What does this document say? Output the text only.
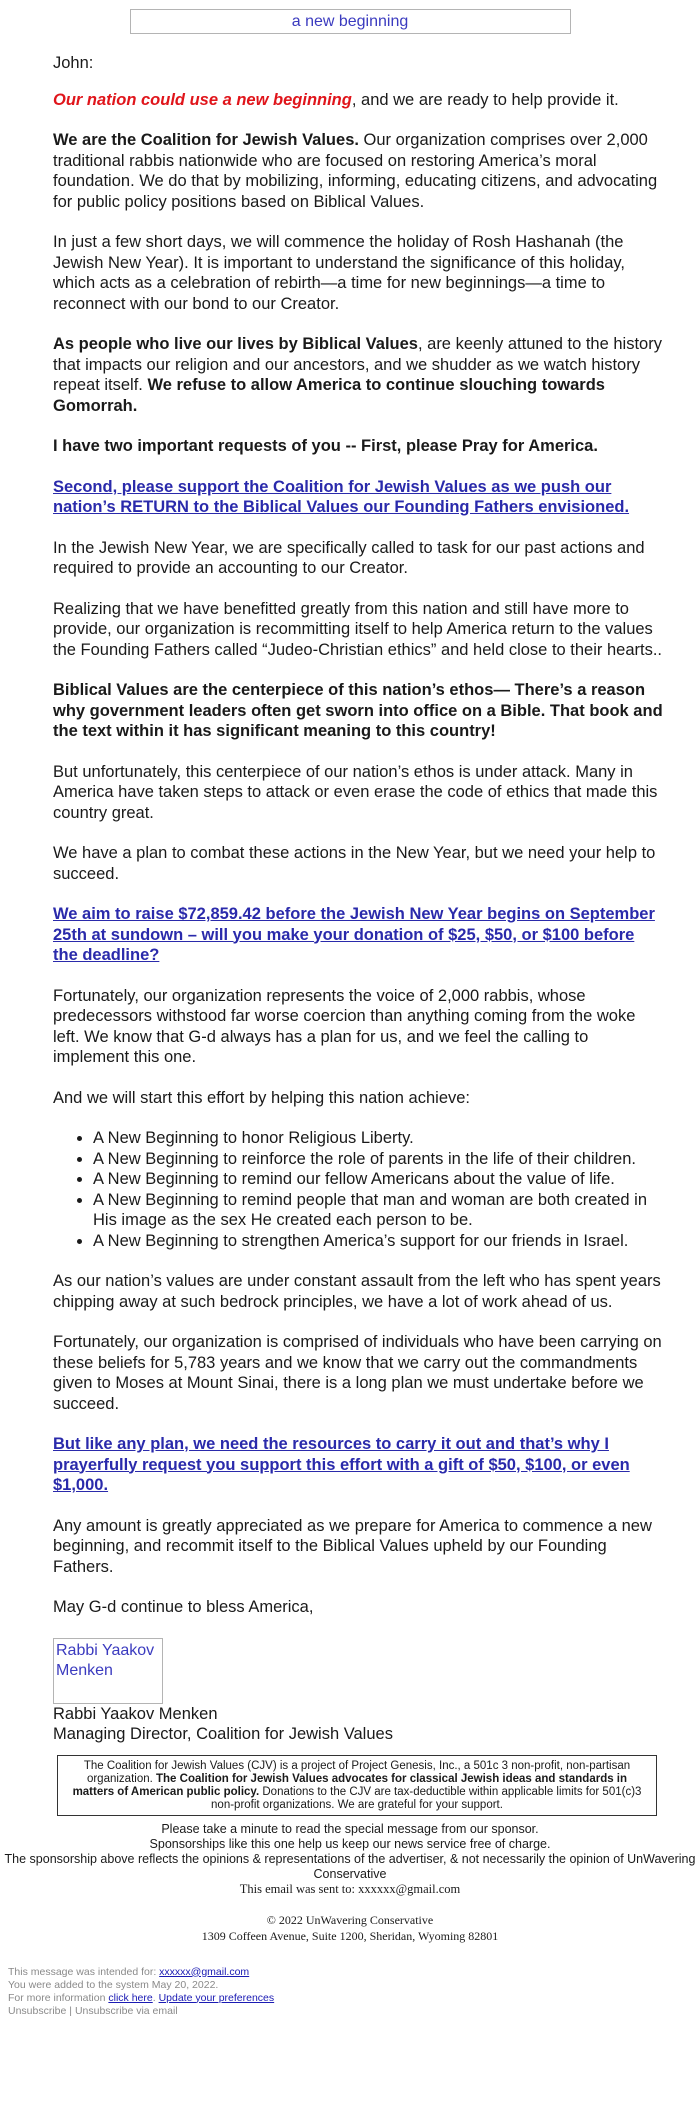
a new beginning

John:

Our nation could use a new beginning, and we are ready to help provide it.

We are the Coalition for Jewish Values. Our organization comprises over 2,000 traditional rabbis nationwide who are focused on restoring America’s moral foundation. We do that by mobilizing, informing, educating citizens, and advocating for public policy positions based on Biblical Values.

In just a few short days, we will commence the holiday of Rosh Hashanah (the Jewish New Year). It is important to understand the significance of this holiday, which acts as a celebration of rebirth—a time for new beginnings—a time to reconnect with our bond to our Creator.

As people who live our lives by Biblical Values, are keenly attuned to the history that impacts our religion and our ancestors, and we shudder as we watch history repeat itself. We refuse to allow America to continue slouching towards Gomorrah.

I have two important requests of you -- First, please Pray for America.

Second, please support the Coalition for Jewish Values as we push our nation’s RETURN to the Biblical Values our Founding Fathers envisioned.

In the Jewish New Year, we are specifically called to task for our past actions and required to provide an accounting to our Creator.

Realizing that we have benefitted greatly from this nation and still have more to provide, our organization is recommitting itself to help America return to the values the Founding Fathers called “Judeo-Christian ethics” and held close to their hearts..

Biblical Values are the centerpiece of this nation’s ethos— There’s a reason why government leaders often get sworn into office on a Bible. That book and the text within it has significant meaning to this country!

But unfortunately, this centerpiece of our nation’s ethos is under attack. Many in America have taken steps to attack or even erase the code of ethics that made this country great.

We have a plan to combat these actions in the New Year, but we need your help to succeed.

We aim to raise $72,859.42 before the Jewish New Year begins on September 25th at sundown – will you make your donation of $25, $50, or $100 before the deadline?

Fortunately, our organization represents the voice of 2,000 rabbis, whose predecessors withstood far worse coercion than anything coming from the woke left. We know that G-d always has a plan for us, and we feel the calling to implement this one.

And we will start this effort by helping this nation achieve:

• A New Beginning to honor Religious Liberty.
• A New Beginning to reinforce the role of parents in the life of their children.
• A New Beginning to remind our fellow Americans about the value of life.
• A New Beginning to remind people that man and woman are both created in His image as the sex He created each person to be.
• A New Beginning to strengthen America’s support for our friends in Israel.

As our nation’s values are under constant assault from the left who has spent years chipping away at such bedrock principles, we have a lot of work ahead of us.

Fortunately, our organization is comprised of individuals who have been carrying on these beliefs for 5,783 years and we know that we carry out the commandments given to Moses at Mount Sinai, there is a long plan we must undertake before we succeed.

But like any plan, we need the resources to carry it out and that’s why I prayerfully request you support this effort with a gift of $50, $100, or even $1,000.

Any amount is greatly appreciated as we prepare for America to commence a new beginning, and recommit itself to the Biblical Values upheld by our Founding Fathers.

May G-d continue to bless America,

Rabbi Yaakov Menken
Rabbi Yaakov Menken
Managing Director, Coalition for Jewish Values
The Coalition for Jewish Values (CJV) is a project of Project Genesis, Inc., a 501c 3 non-profit, non-partisan organization. The Coalition for Jewish Values advocates for classical Jewish ideas and standards in matters of American public policy. Donations to the CJV are tax-deductible within applicable limits for 501(c)3 non-profit organizations. We are grateful for your support.
Please take a minute to read the special message from our sponsor.
Sponsorships like this one help us keep our news service free of charge.
The sponsorship above reflects the opinions & representations of the advertiser, & not necessarily the opinion of UnWavering Conservative
This email was sent to: xxxxxx@gmail.com
© 2022 UnWavering Conservative
1309 Coffeen Avenue, Suite 1200, Sheridan, Wyoming 82801
This message was intended for: xxxxxx@gmail.com
You were added to the system May 20, 2022.
For more information click here. Update your preferences
Unsubscribe | Unsubscribe via email
